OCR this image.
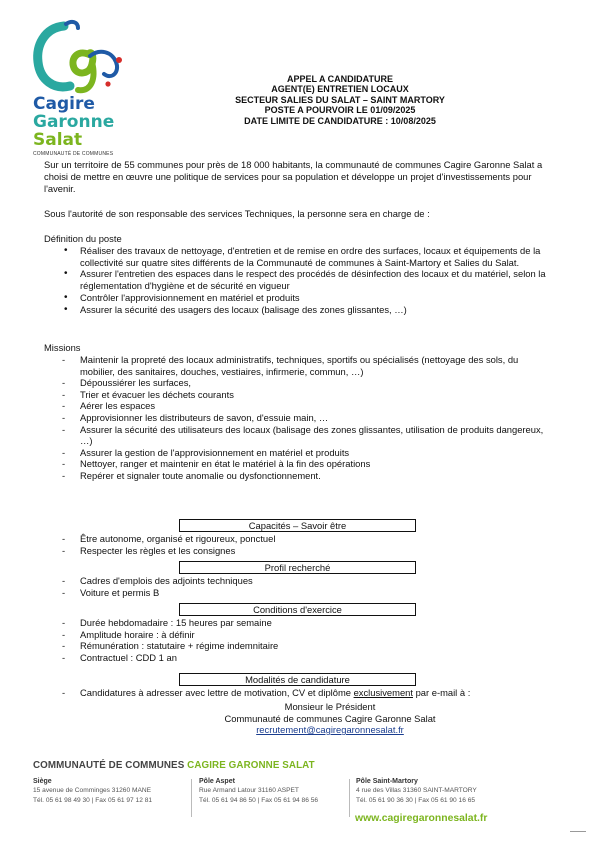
Cagire
Garonne
Salat
COMMUNAUTÉ DE COMMUNES
APPEL A CANDIDATURE
AGENT(E) ENTRETIEN LOCAUX
SECTEUR SALIES DU SALAT – SAINT MARTORY
POSTE A POURVOIR LE 01/09/2025
DATE LIMITE DE CANDIDATURE : 10/08/2025
Sur un territoire de 55 communes pour près de 18 000 habitants, la communauté de communes Cagire Garonne Salat a choisi de mettre en œuvre une politique de services pour sa population et développe un projet d'investissements pour l'avenir.
Sous l'autorité de son responsable des services Techniques, la personne sera en charge de :
Définition du poste
• Réaliser des travaux de nettoyage, d'entretien et de remise en ordre des surfaces, locaux et équipements de la collectivité sur quatre sites différents de la Communauté de communes à Saint-Martory et Salies du Salat.
• Assurer l'entretien des espaces dans le respect des procédés de désinfection des locaux et du matériel, selon la réglementation d'hygiène et de sécurité en vigueur
• Contrôler l'approvisionnement en matériel et produits
• Assurer la sécurité des usagers des locaux (balisage des zones glissantes, …)
Missions
- Maintenir la propreté des locaux administratifs, techniques, sportifs ou spécialisés (nettoyage des sols, du mobilier, des sanitaires, douches, vestiaires, infirmerie, commun, …)
- Dépoussiérer les surfaces,
- Trier et évacuer les déchets courants
- Aérer les espaces
- Approvisionner les distributeurs de savon, d'essuie main, …
- Assurer la sécurité des utilisateurs des locaux (balisage des zones glissantes, utilisation de produits dangereux, …)
- Assurer la gestion de l'approvisionnement en matériel et produits
- Nettoyer, ranger et maintenir en état le matériel à la fin des opérations
- Repérer et signaler toute anomalie ou dysfonctionnement.
Capacités – Savoir être
- Être autonome, organisé et rigoureux, ponctuel
- Respecter les règles et les consignes
Profil recherché
- Cadres d'emplois des adjoints techniques
- Voiture et permis B
Conditions d'exercice
- Durée hebdomadaire : 15 heures par semaine
- Amplitude horaire : à définir
- Rémunération : statutaire + régime indemnitaire
- Contractuel : CDD 1 an
Modalités de candidature
- Candidatures à adresser avec lettre de motivation, CV et diplôme exclusivement par e-mail à :
Monsieur le Président
Communauté de communes Cagire Garonne Salat
recrutement@cagiregaronnesalat.fr
COMMUNAUTÉ DE COMMUNES CAGIRE GARONNE SALAT
Siège
15 avenue de Comminges 31260 MANE
Tél. 05 61 98 49 30 | Fax 05 61 97 12 81
Pôle Aspet
Rue Armand Latour 31160 ASPET
Tél. 05 61 94 86 50 | Fax 05 61 94 86 56
Pôle Saint-Martory
4 rue des Villas 31360 SAINT-MARTORY
Tél. 05 61 90 36 30 | Fax 05 61 90 16 65
www.cagiregaronnesalat.fr
